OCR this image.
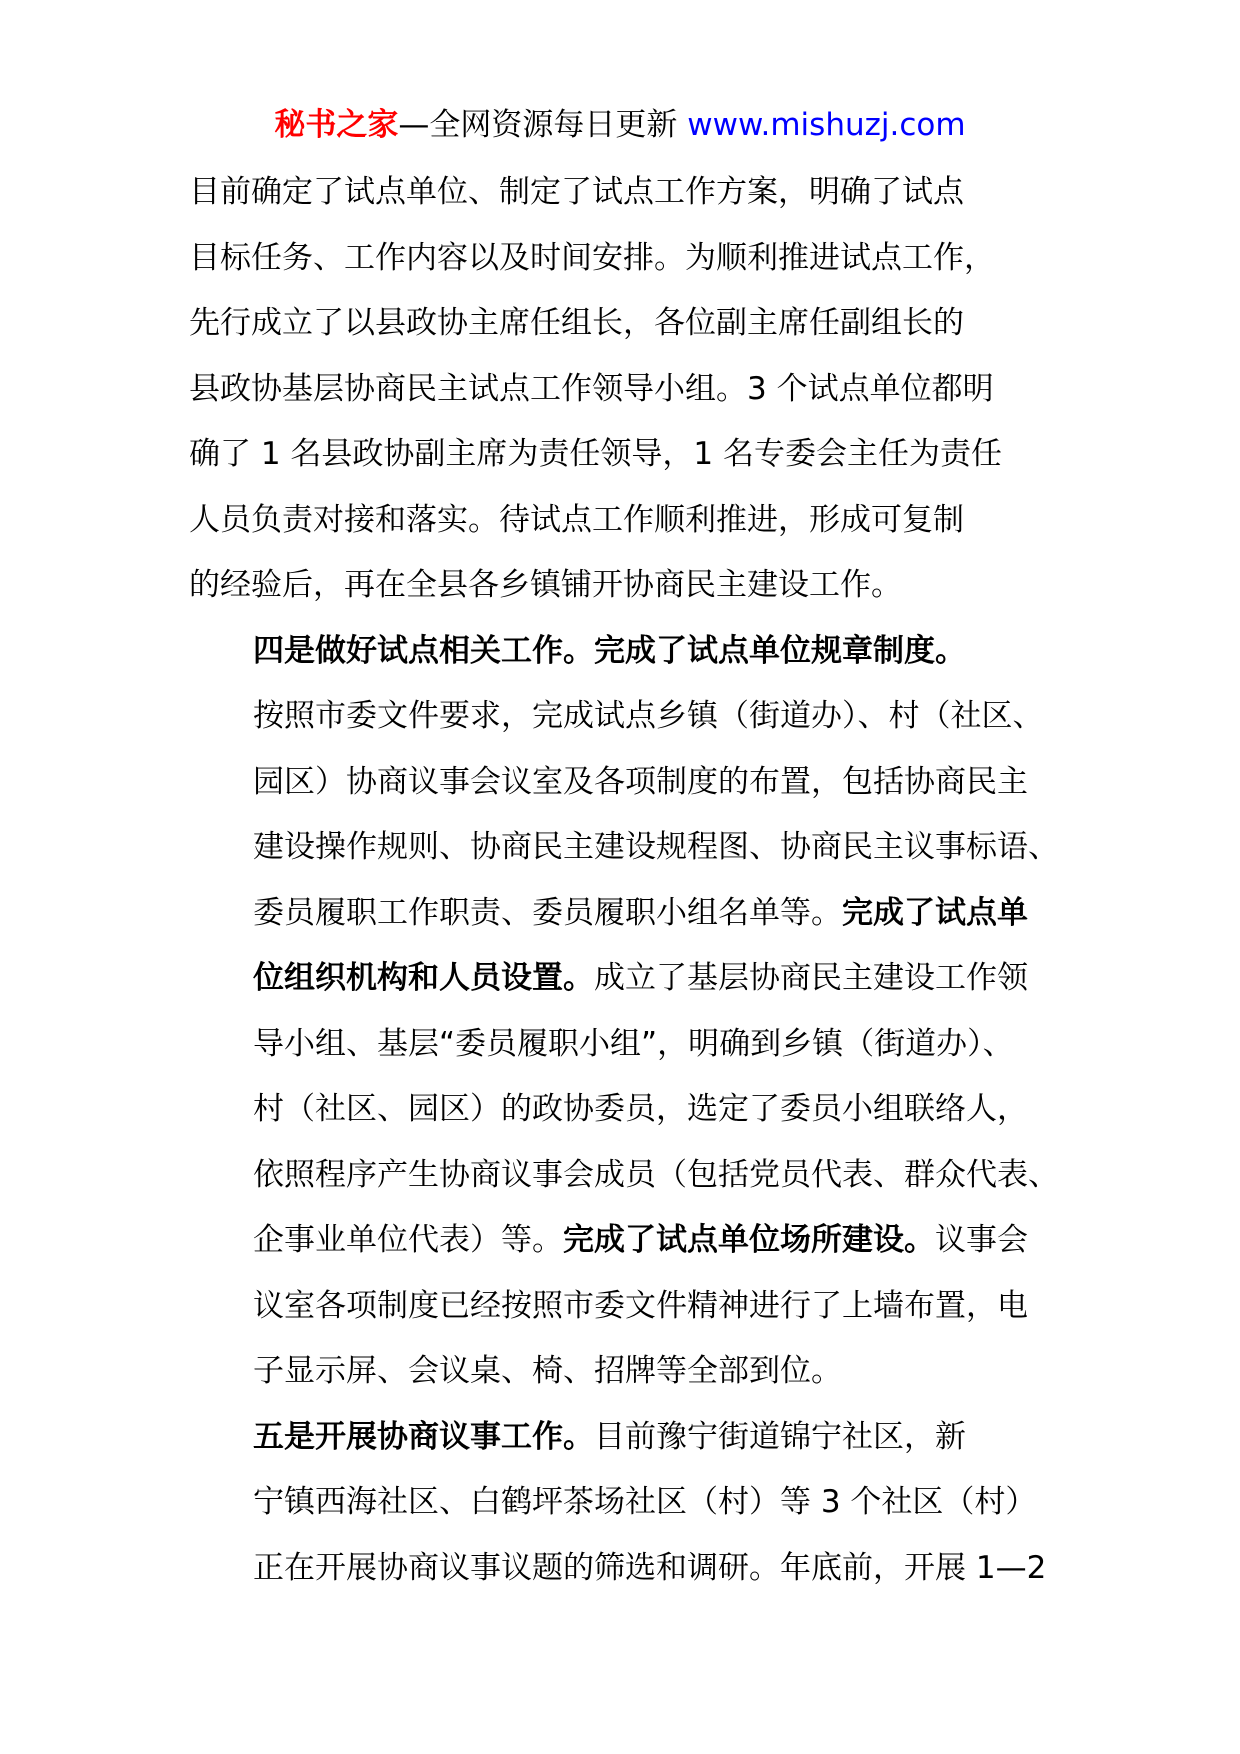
秘书之家—全网资源每日更新 www.mishuzj.com

目前确定了试点单位、制定了试点工作方案，明确了试点
目标任务、工作内容以及时间安排。为顺利推进试点工作，
先行成立了以县政协主席任组长，各位副主席任副组长的
县政协基层协商民主试点工作领导小组。3 个试点单位都明
确了 1 名县政协副主席为责任领导，1 名专委会主任为责任
人员负责对接和落实。待试点工作顺利推进，形成可复制
的经验后，再在全县各乡镇铺开协商民主建设工作。

四是做好试点相关工作。完成了试点单位规章制度。
按照市委文件要求，完成试点乡镇（街道办）、村（社区、
园区）协商议事会议室及各项制度的布置，包括协商民主
建设操作规则、协商民主建设规程图、协商民主议事标语、
委员履职工作职责、委员履职小组名单等。完成了试点单
位组织机构和人员设置。成立了基层协商民主建设工作领
导小组、基层“委员履职小组”，明确到乡镇（街道办）、
村（社区、园区）的政协委员，选定了委员小组联络人，
依照程序产生协商议事会成员（包括党员代表、群众代表、
企事业单位代表）等。完成了试点单位场所建设。议事会
议室各项制度已经按照市委文件精神进行了上墙布置，电
子显示屏、会议桌、椅、招牌等全部到位。

五是开展协商议事工作。目前豫宁街道锦宁社区，新
宁镇西海社区、白鹤坪茶场社区（村）等 3 个社区（村）
正在开展协商议事议题的筛选和调研。年底前，开展 1—2
